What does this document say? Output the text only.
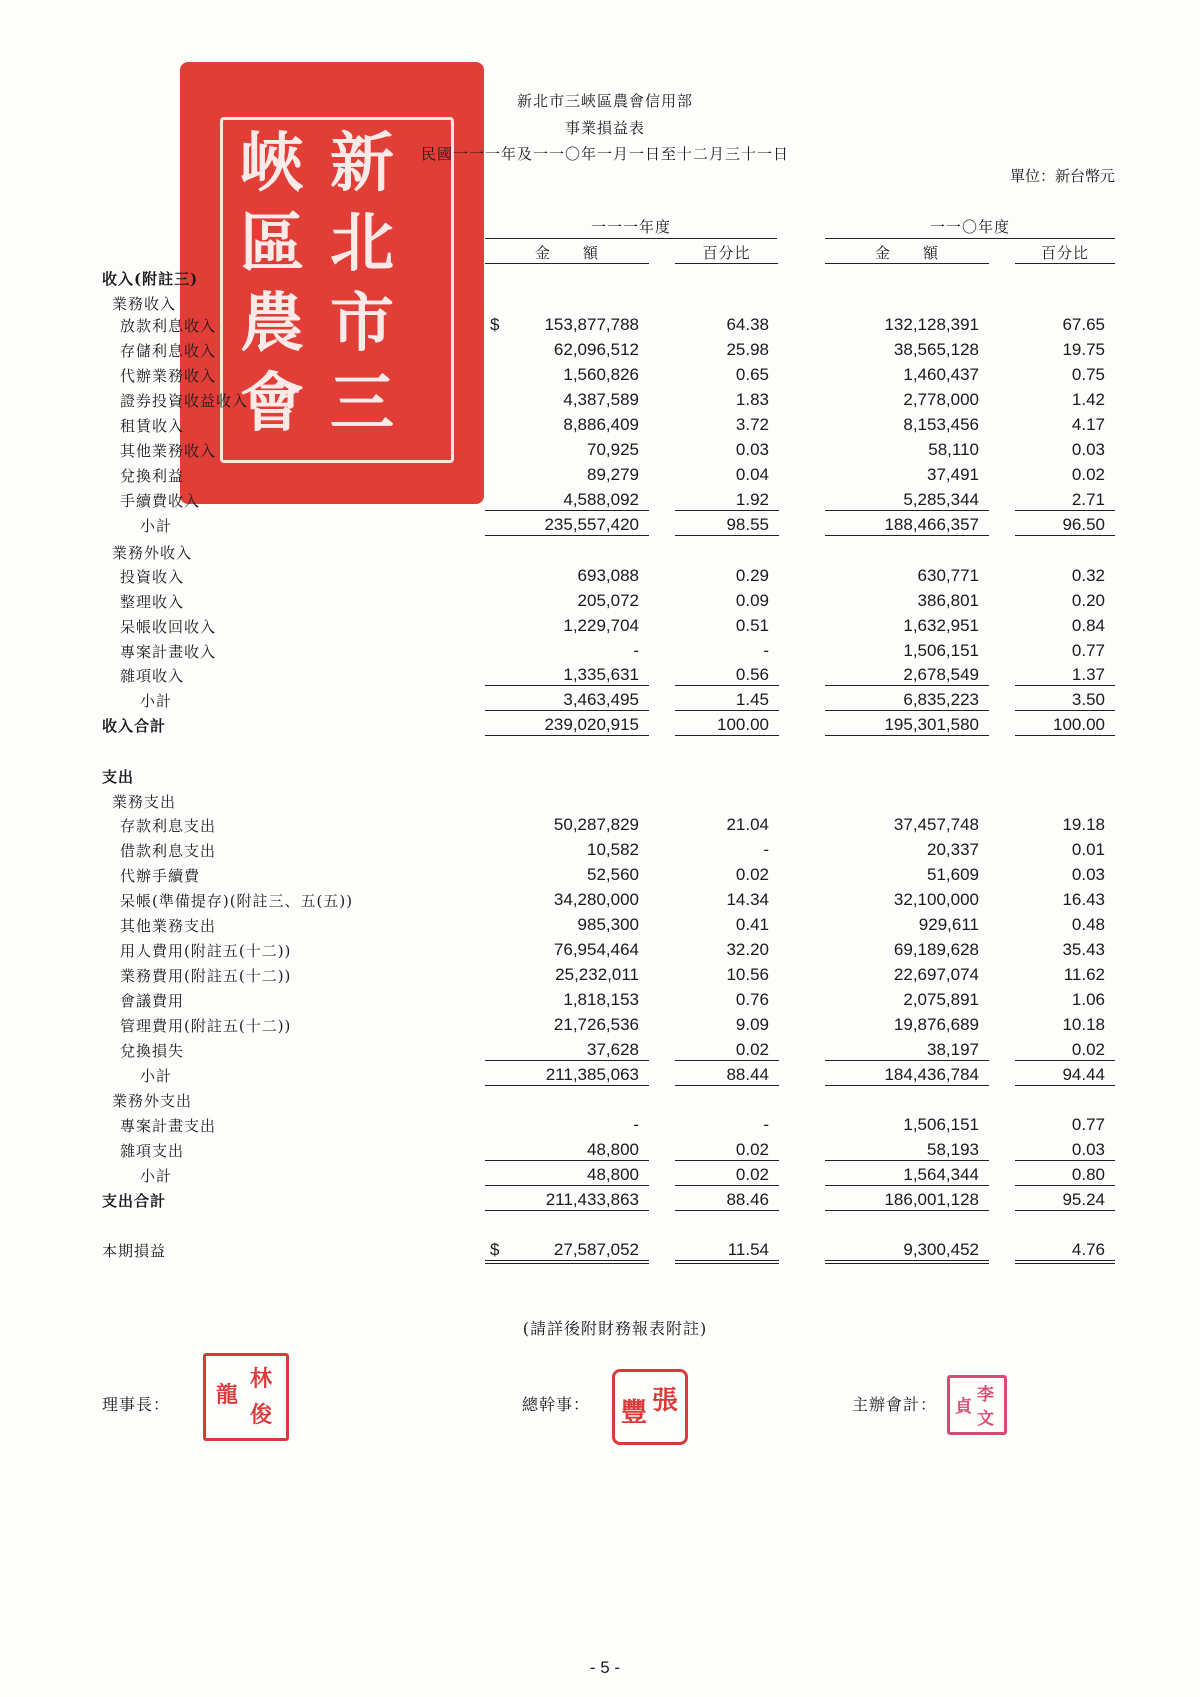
新
北
市
三
峽
區
農
會
新北市三峽區農會信用部
事業損益表
民國一一一年及一一〇年一月一日至十二月三十一日
單位：新台幣元
一一一年度	一一〇年度
金　　額	百分比	金　　額	百分比
收入(附註三)
業務收入
放款利息收入	$	153,877,788	64.38	132,128,391	67.65
存儲利息收入	62,096,512	25.98	38,565,128	19.75
代辦業務收入	1,560,826	0.65	1,460,437	0.75
證券投資收益收入	4,387,589	1.83	2,778,000	1.42
租賃收入	8,886,409	3.72	8,153,456	4.17
其他業務收入	70,925	0.03	58,110	0.03
兌換利益	89,279	0.04	37,491	0.02
手續費收入	4,588,092	1.92	5,285,344	2.71
小計	235,557,420	98.55	188,466,357	96.50
業務外收入
投資收入	693,088	0.29	630,771	0.32
整理收入	205,072	0.09	386,801	0.20
呆帳收回收入	1,229,704	0.51	1,632,951	0.84
專案計畫收入	-	-	1,506,151	0.77
雜項收入	1,335,631	0.56	2,678,549	1.37
小計	3,463,495	1.45	6,835,223	3.50
收入合計	239,020,915	100.00	195,301,580	100.00
支出
業務支出
存款利息支出	50,287,829	21.04	37,457,748	19.18
借款利息支出	10,582	-	20,337	0.01
代辦手續費	52,560	0.02	51,609	0.03
呆帳(準備提存)(附註三、五(五))	34,280,000	14.34	32,100,000	16.43
其他業務支出	985,300	0.41	929,611	0.48
用人費用(附註五(十二))	76,954,464	32.20	69,189,628	35.43
業務費用(附註五(十二))	25,232,011	10.56	22,697,074	11.62
會議費用	1,818,153	0.76	2,075,891	1.06
管理費用(附註五(十二))	21,726,536	9.09	19,876,689	10.18
兌換損失	37,628	0.02	38,197	0.02
小計	211,385,063	88.44	184,436,784	94.44
業務外支出
專案計畫支出	-	-	1,506,151	0.77
雜項支出	48,800	0.02	58,193	0.03
小計	48,800	0.02	1,564,344	0.80
支出合計	211,433,863	88.46	186,001,128	95.24
本期損益	$	27,587,052	11.54	9,300,452	4.76
(請詳後附財務報表附註)
理事長：
林
俊
龍	總幹事： 張
豐	主辦會計： 李
文
貞
- 5 -
